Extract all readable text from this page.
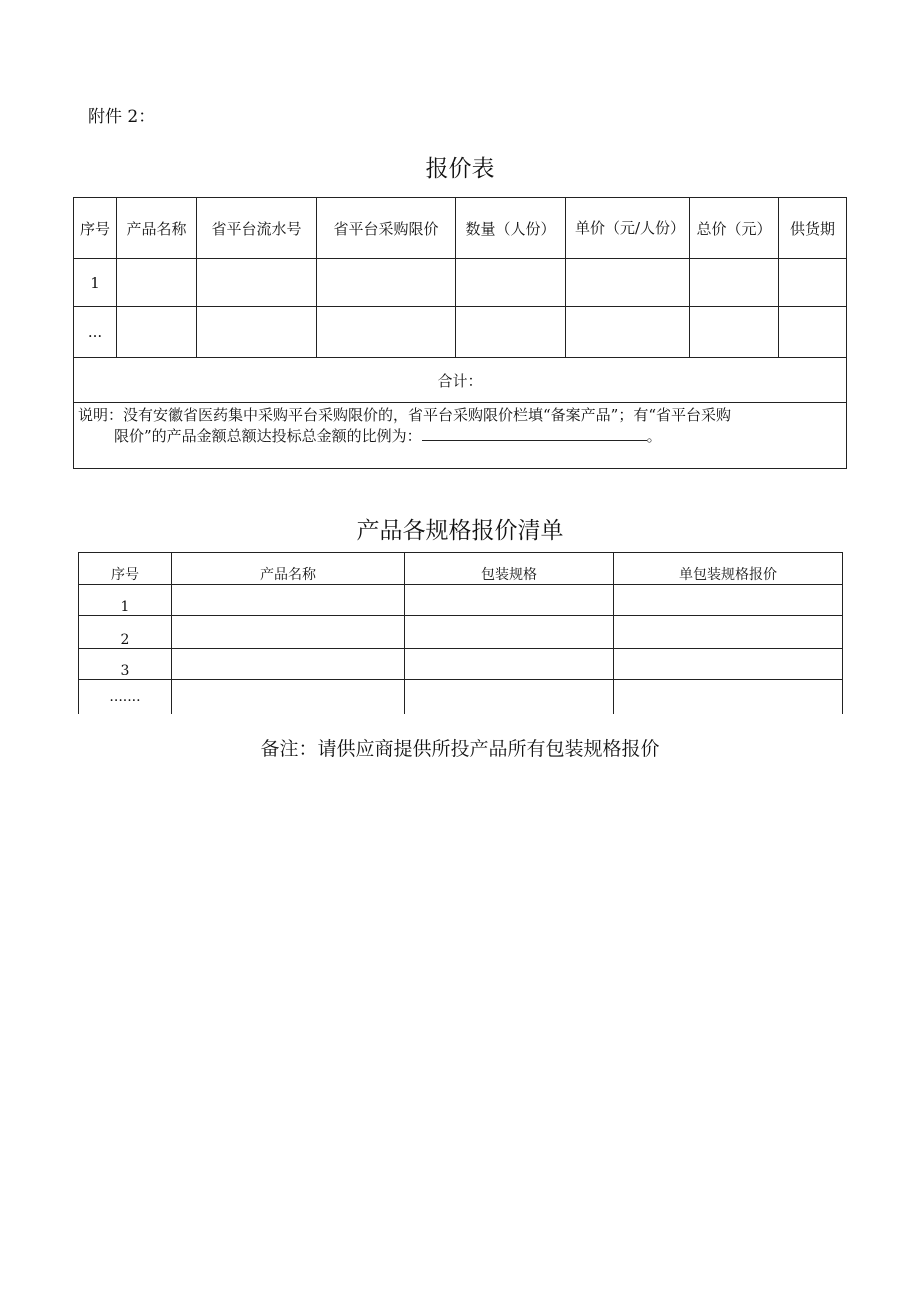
附件 2：
报价表
序号	产品名称	省平台流水号	省平台采购限价	数量（人份）	单价（元/人份）	总价（元）	供货期
1							
...							
合计：							
说明：没有安徽省医药集中采购平台采购限价的，省平台采购限价栏填“备案产品”；有“省平台采购
限价”的产品金额总额达投标总金额的比例为： 。							
产品各规格报价清单
序号	产品名称	包装规格	单包装规格报价
1			
2			
3			
.......			
备注：请供应商提供所投产品所有包装规格报价
